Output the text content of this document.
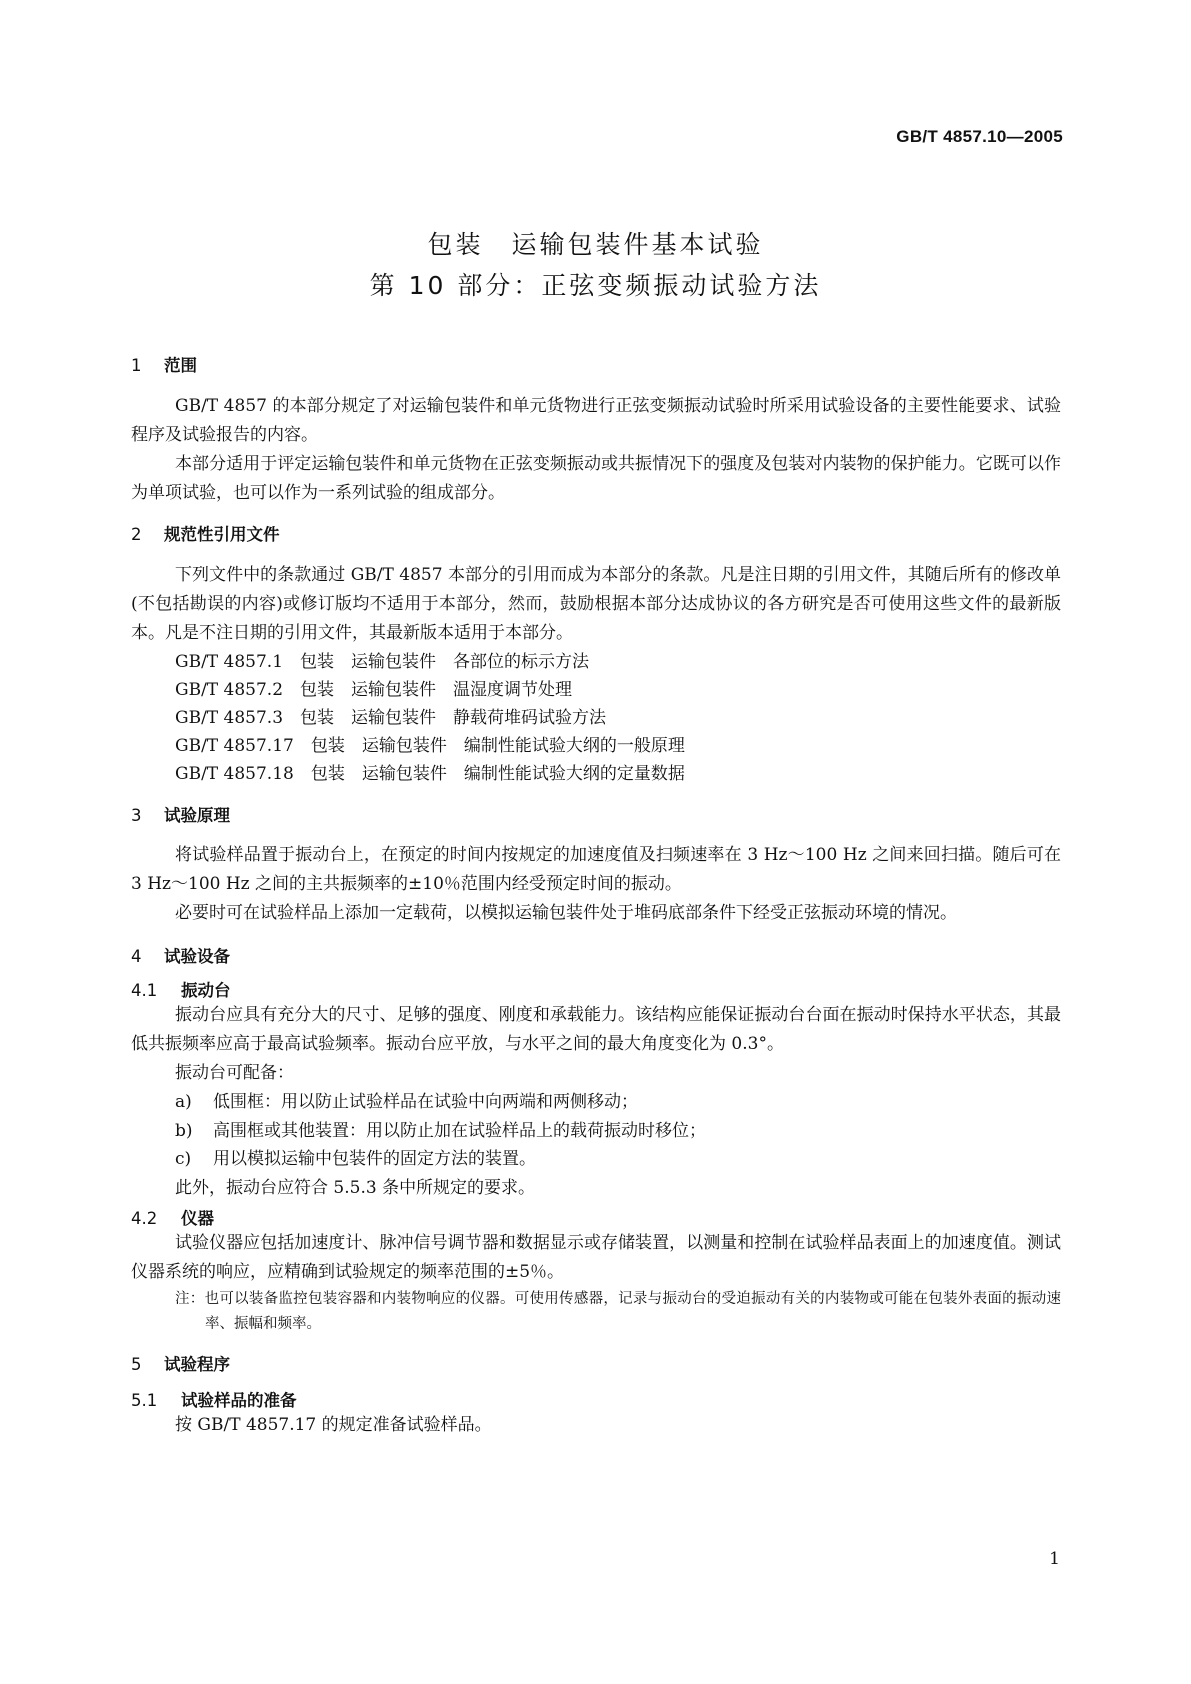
GB/T 4857.10—2005
包装　运输包装件基本试验
第 10 部分：正弦变频振动试验方法
1	范围

GB/T 4857 的本部分规定了对运输包装件和单元货物进行正弦变频振动试验时所采用试验设备的主要性能要求、试验程序及试验报告的内容。

本部分适用于评定运输包装件和单元货物在正弦变频振动或共振情况下的强度及包装对内装物的保护能力。它既可以作为单项试验，也可以作为一系列试验的组成部分。

2	规范性引用文件

下列文件中的条款通过 GB/T 4857 本部分的引用而成为本部分的条款。凡是注日期的引用文件，其随后所有的修改单(不包括勘误的内容)或修订版均不适用于本部分，然而，鼓励根据本部分达成协议的各方研究是否可使用这些文件的最新版本。凡是不注日期的引用文件，其最新版本适用于本部分。

GB/T 4857.1　包装　运输包装件　各部位的标示方法
GB/T 4857.2　包装　运输包装件　温湿度调节处理
GB/T 4857.3　包装　运输包装件　静载荷堆码试验方法
GB/T 4857.17　包装　运输包装件　编制性能试验大纲的一般原理
GB/T 4857.18　包装　运输包装件　编制性能试验大纲的定量数据
3	试验原理

将试验样品置于振动台上，在预定的时间内按规定的加速度值及扫频速率在 3 Hz～100 Hz 之间来回扫描。随后可在 3 Hz～100 Hz 之间的主共振频率的±10％范围内经受预定时间的振动。

必要时可在试验样品上添加一定载荷，以模拟运输包装件处于堆码底部条件下经受正弦振动环境的情况。

4	试验设备
4.1	振动台

振动台应具有充分大的尺寸、足够的强度、刚度和承载能力。该结构应能保证振动台台面在振动时保持水平状态，其最低共振频率应高于最高试验频率。振动台应平放，与水平之间的最大角度变化为 0.3°。

振动台可配备：

a)	低围框：用以防止试验样品在试验中向两端和两侧移动；
b)	高围框或其他装置：用以防止加在试验样品上的载荷振动时移位；
c)	用以模拟运输中包装件的固定方法的装置。

此外，振动台应符合 5.5.3 条中所规定的要求。

4.2	仪器

试验仪器应包括加速度计、脉冲信号调节器和数据显示或存储装置，以测量和控制在试验样品表面上的加速度值。测试仪器系统的响应，应精确到试验规定的频率范围的±5％。

注：也可以装备监控包装容器和内装物响应的仪器。可使用传感器，记录与振动台的受迫振动有关的内装物或可能在包装外表面的振动速率、振幅和频率。
5	试验程序
5.1	试验样品的准备

按 GB/T 4857.17 的规定准备试验样品。

1
